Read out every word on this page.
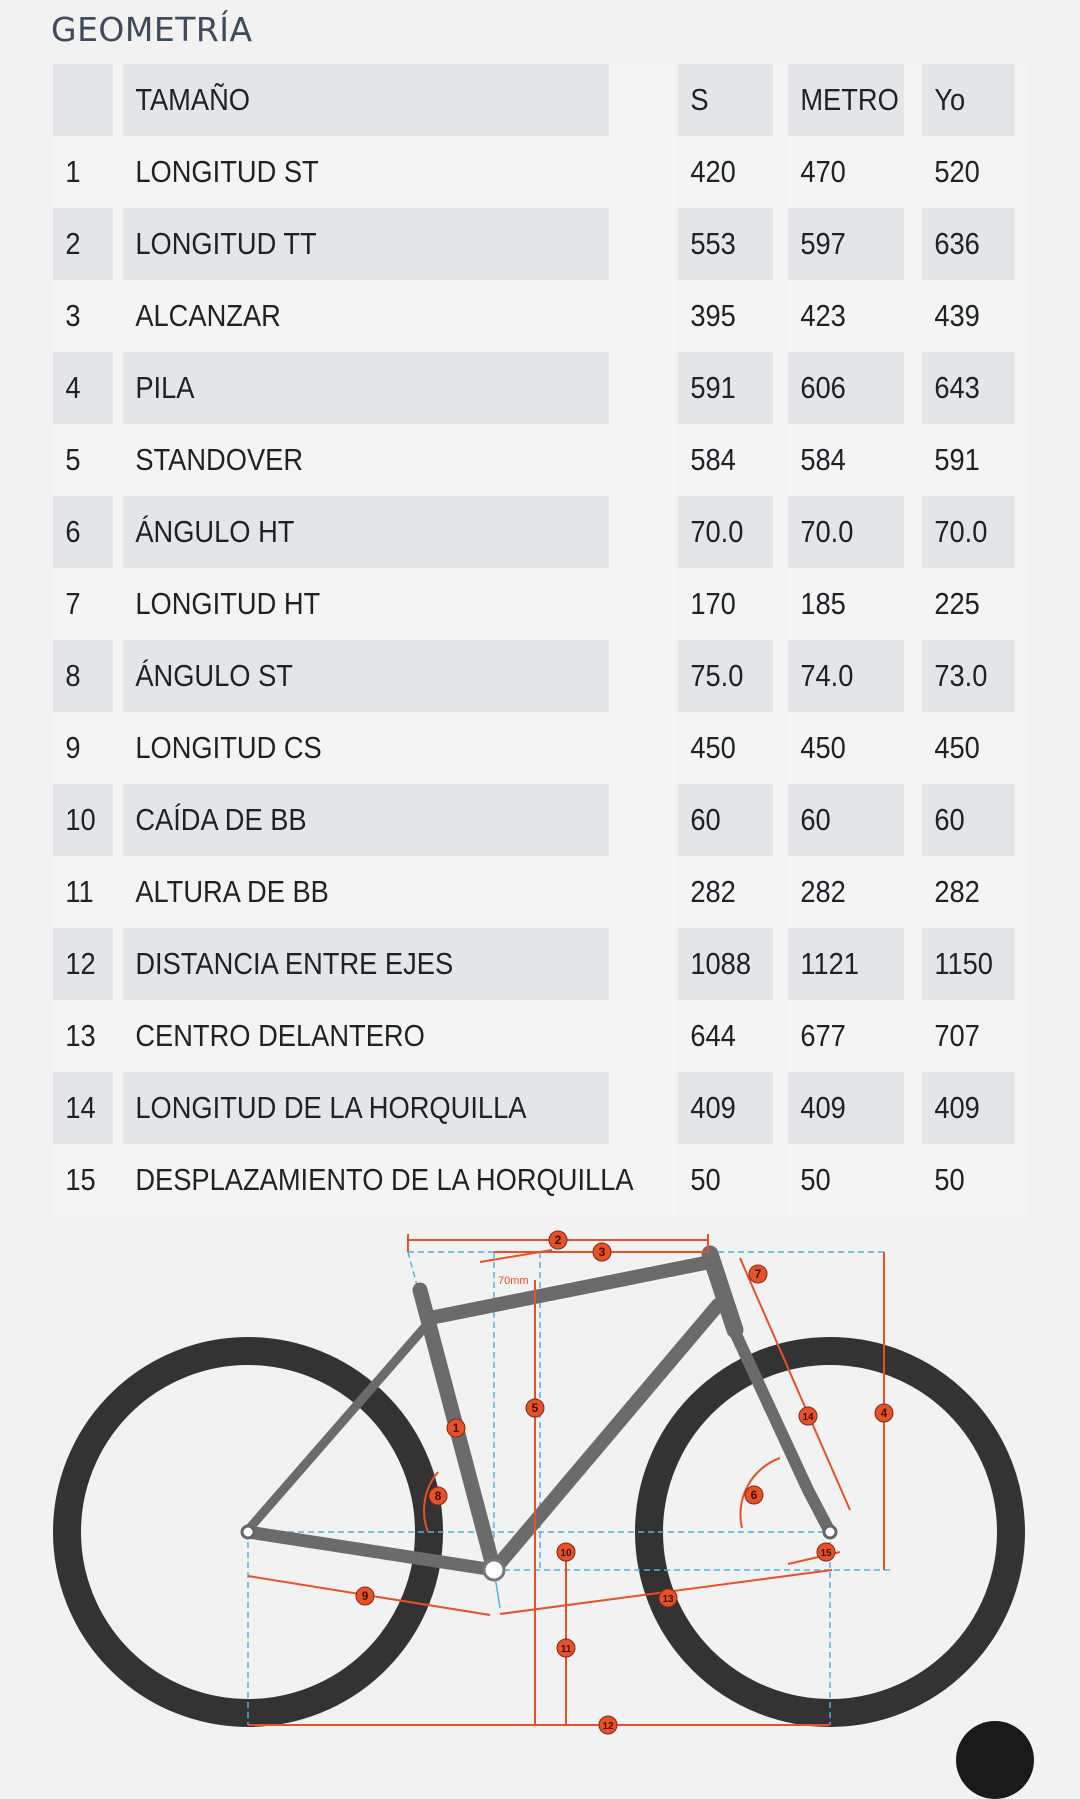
GEOMETRÍA
	TAMAÑO	S	METRO	Yo
1	LONGITUD ST	420	470	520
2	LONGITUD TT	553	597	636
3	ALCANZAR	395	423	439
4	PILA	591	606	643
5	STANDOVER	584	584	591
6	ÁNGULO HT	70.0	70.0	70.0
7	LONGITUD HT	170	185	225
8	ÁNGULO ST	75.0	74.0	73.0
9	LONGITUD CS	450	450	450
10	CAÍDA DE BB	60	60	60
11	ALTURA DE BB	282	282	282
12	DISTANCIA ENTRE EJES	1088	1121	1150
13	CENTRO DELANTERO	644	677	707
14	LONGITUD DE LA HORQUILLA	409	409	409
15	DESPLAZAMIENTO DE LA HORQUILLA	50	50	50
70mm
1
2
3
4
5
6
7
8
9
10
11
12
13
14
15
